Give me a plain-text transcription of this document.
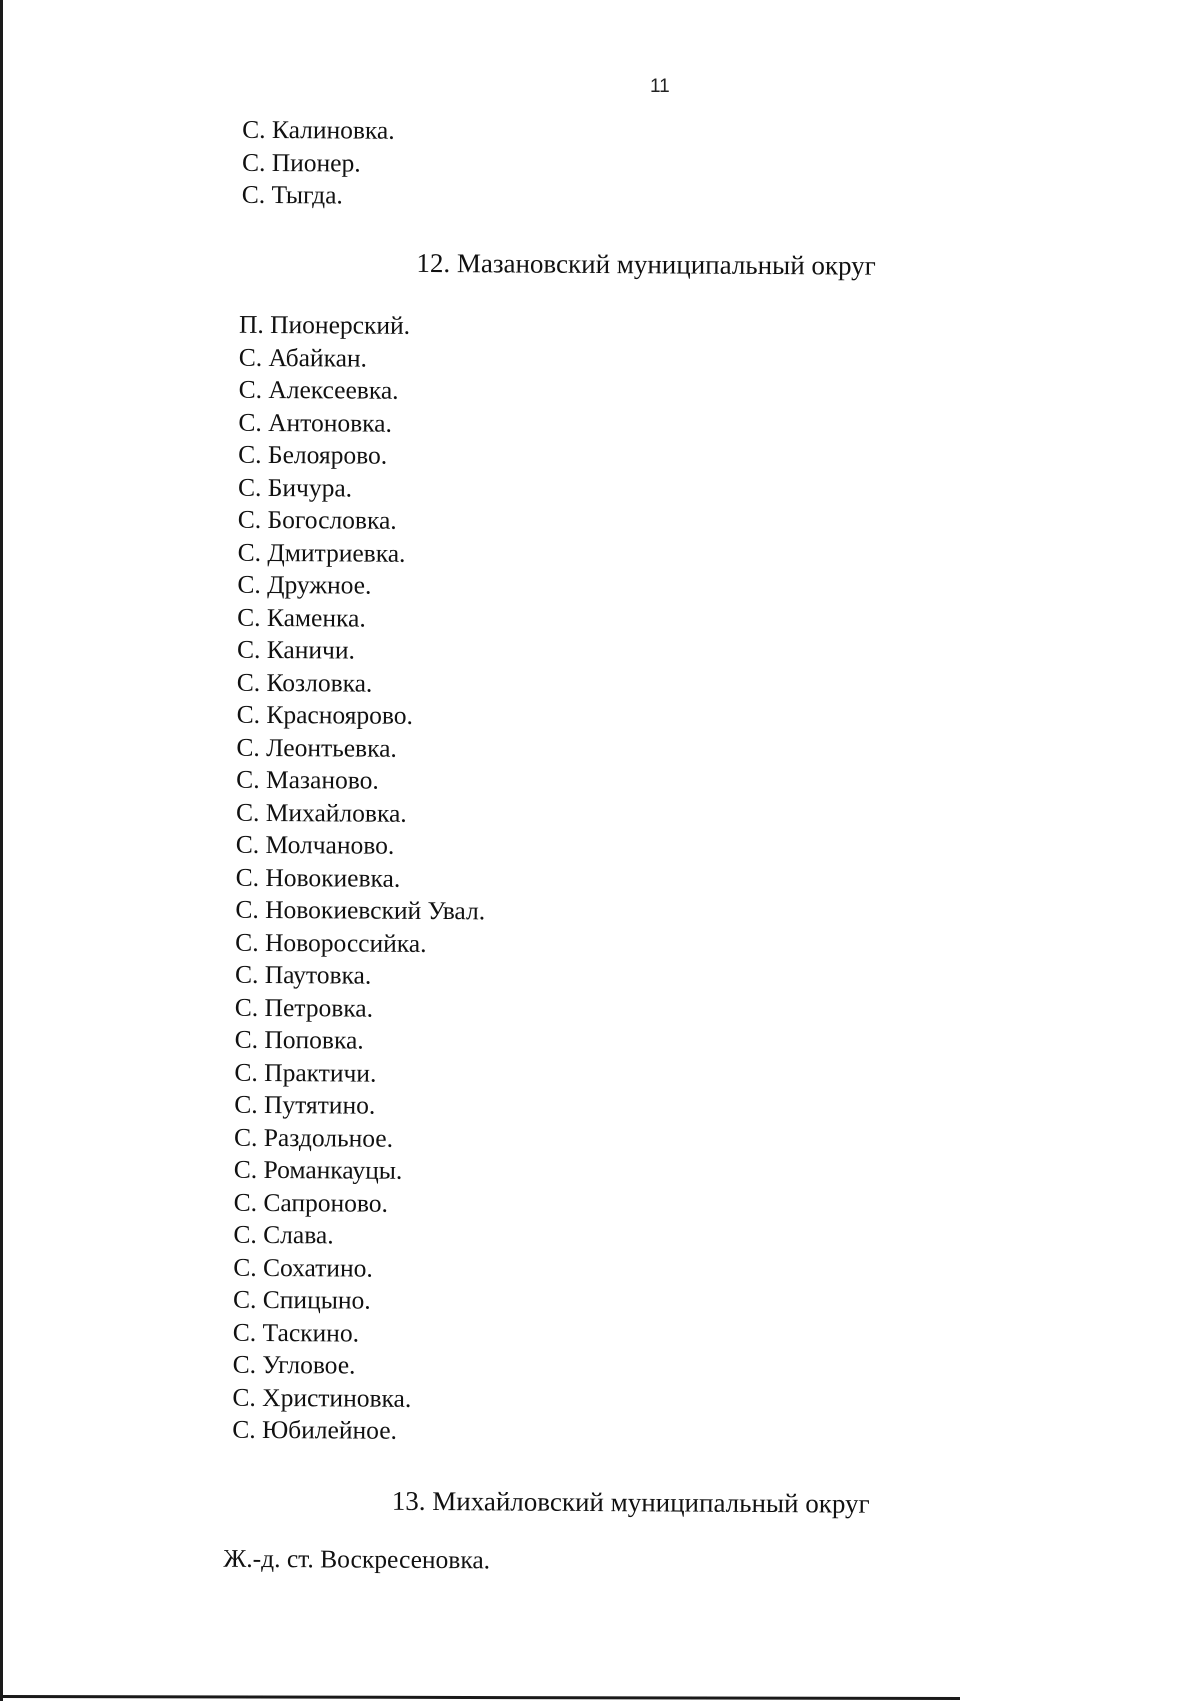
11
С. Калиновка.
С. Пионер.
С. Тыгда.
12. Мазановский муниципальный округ
П. Пионерский.
С. Абайкан.
С. Алексеевка.
С. Антоновка.
С. Белоярово.
С. Бичура.
С. Богословка.
С. Дмитриевка.
С. Дружное.
С. Каменка.
С. Каничи.
С. Козловка.
С. Красноярово.
С. Леонтьевка.
С. Мазаново.
С. Михайловка.
С. Молчаново.
С. Новокиевка.
С. Новокиевский Увал.
С. Новороссийка.
С. Паутовка.
С. Петровка.
С. Поповка.
С. Практичи.
С. Путятино.
С. Раздольное.
С. Романкауцы.
С. Сапроново.
С. Слава.
С. Сохатино.
С. Спицыно.
С. Таскино.
С. Угловое.
С. Христиновка.
С. Юбилейное.
13. Михайловский муниципальный округ
Ж.-д. ст. Воскресеновка.
